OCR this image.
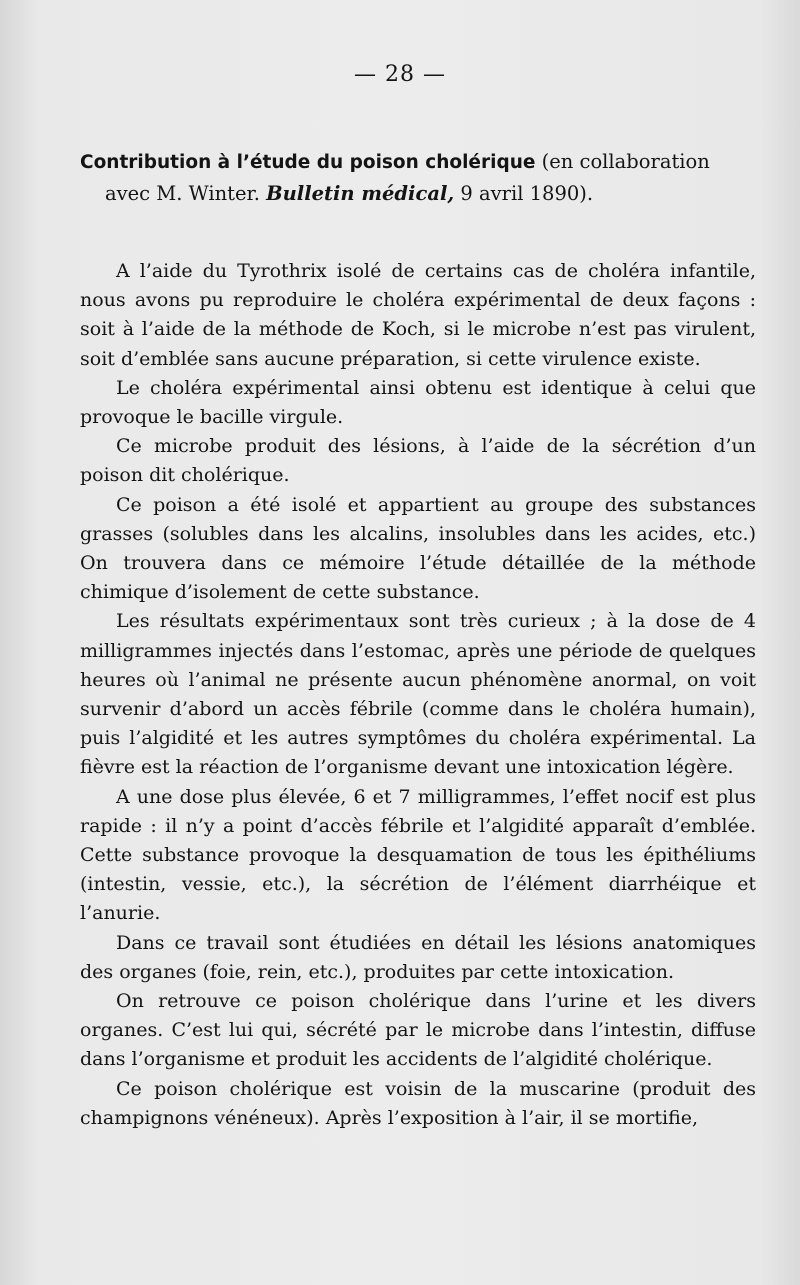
— 28 —
Contribution à l’étude du poison cholérique (en collaboration
avec M. Winter. Bulletin médical, 9 avril 1890).

A l’aide du Tyrothrix isolé de certains cas de choléra infantile, nous avons pu reproduire le choléra expérimental de deux façons : soit à l’aide de la méthode de Koch, si le microbe n’est pas virulent, soit d’emblée sans aucune préparation, si cette virulence existe.

Le choléra expérimental ainsi obtenu est identique à celui que provoque le bacille virgule.

Ce microbe produit des lésions, à l’aide de la sécrétion d’un poison dit cholérique.

Ce poison a été isolé et appartient au groupe des substances grasses (solubles dans les alcalins, insolubles dans les acides, etc.) On trouvera dans ce mémoire l’étude détaillée de la méthode chimique d’isolement de cette substance.

Les résultats expérimentaux sont très curieux ; à la dose de 4 milligrammes injectés dans l’estomac, après une période de quelques heures où l’animal ne présente aucun phénomène anormal, on voit survenir d’abord un accès fébrile (comme dans le choléra humain), puis l’algidité et les autres symptômes du choléra expérimental. La fièvre est la réaction de l’organisme devant une intoxication légère.

A une dose plus élevée, 6 et 7 milligrammes, l’effet nocif est plus rapide : il n’y a point d’accès fébrile et l’algidité apparaît d’emblée. Cette substance provoque la desquamation de tous les épithéliums (intestin, vessie, etc.), la sécrétion de l’élément diarrhéique et l’anurie.

Dans ce travail sont étudiées en détail les lésions anatomiques des organes (foie, rein, etc.), produites par cette intoxication.

On retrouve ce poison cholérique dans l’urine et les divers organes. C’est lui qui, sécrété par le microbe dans l’intestin, diffuse dans l’organisme et produit les accidents de l’algidité cholérique.

Ce poison cholérique est voisin de la muscarine (produit des champignons vénéneux). Après l’exposition à l’air, il se mortifie,
